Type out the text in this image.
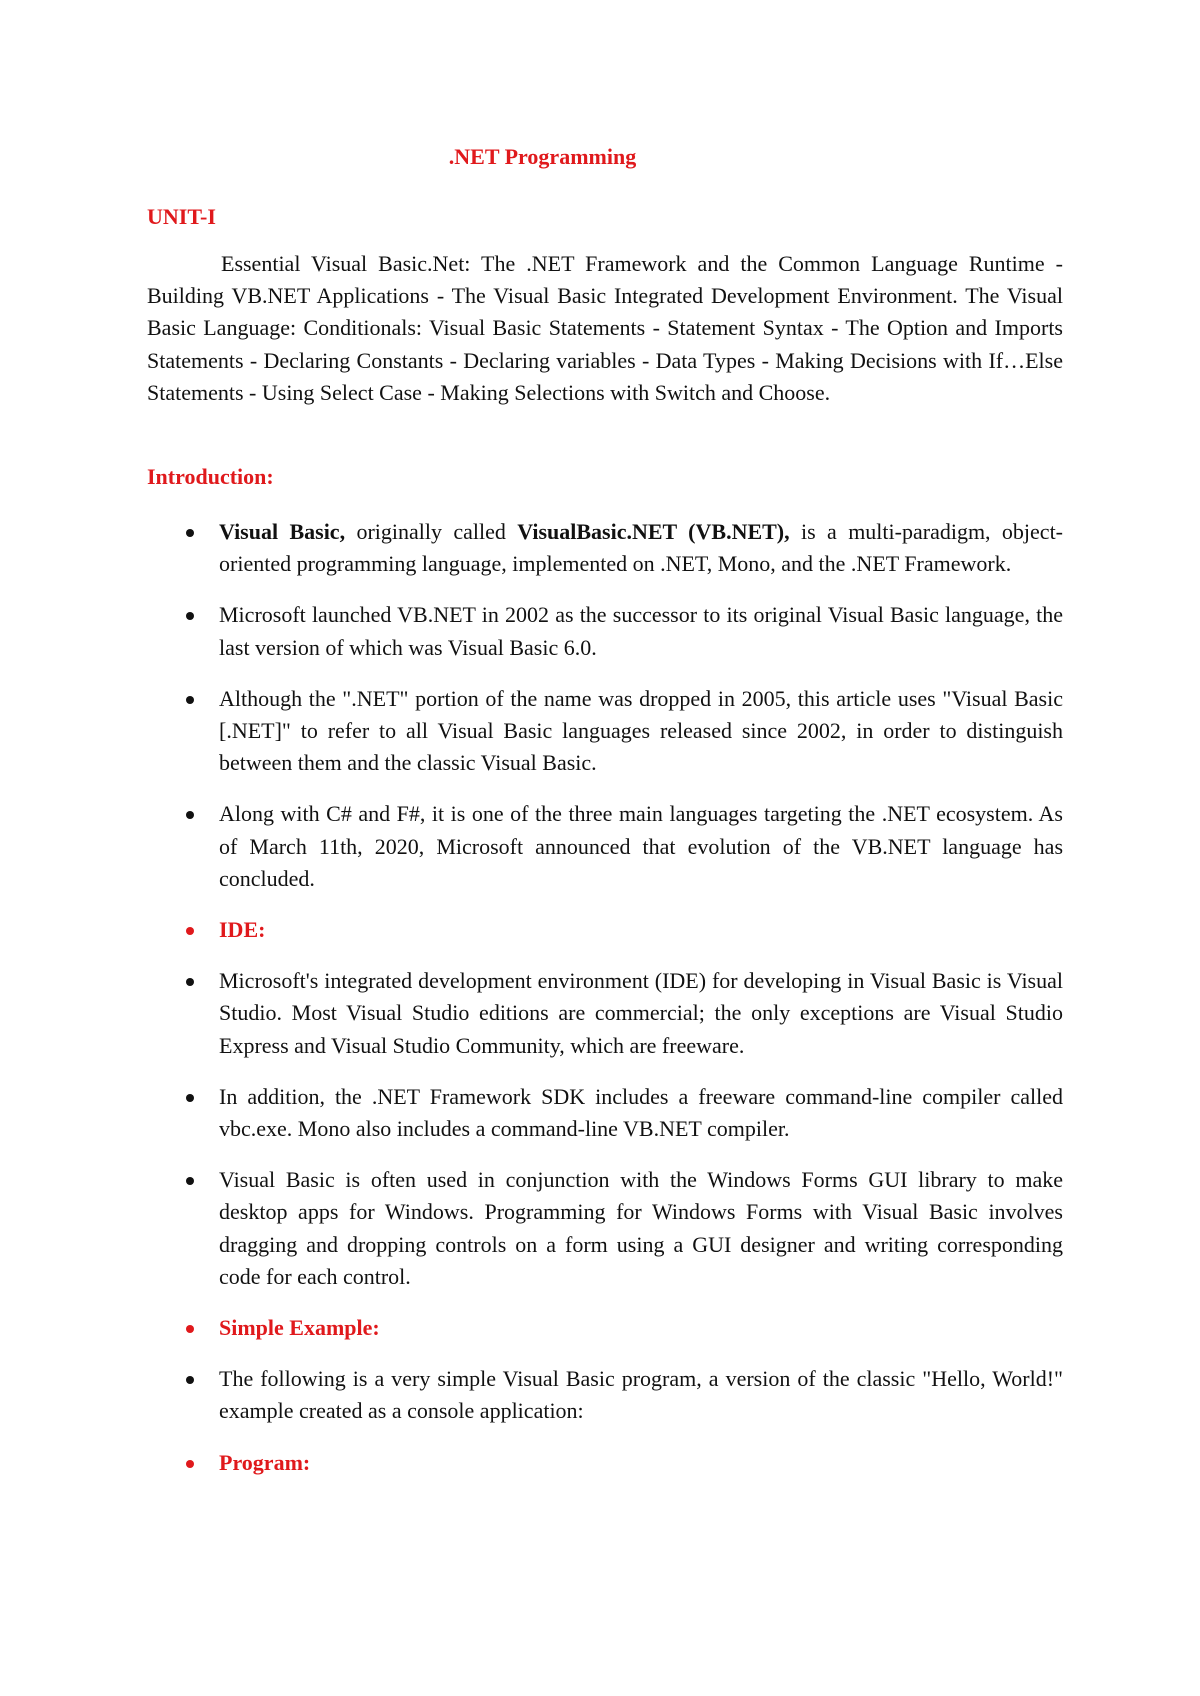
.NET Programming
UNIT-I

Essential Visual Basic.Net: The .NET Framework and the Common Language Runtime - Building VB.NET Applications - The Visual Basic Integrated Development Environment. The Visual Basic Language: Conditionals: Visual Basic Statements - Statement Syntax - The Option and Imports Statements - Declaring Constants - Declaring variables - Data Types - Making Decisions with If…Else Statements - Using Select Case - Making Selections with Switch and Choose.

Introduction:
Visual Basic, originally called VisualBasic.NET (VB.NET), is a multi-paradigm, object-oriented programming language, implemented on .NET, Mono, and the .NET Framework.
Microsoft launched VB.NET in 2002 as the successor to its original Visual Basic language, the last version of which was Visual Basic 6.0.
Although the ".NET" portion of the name was dropped in 2005, this article uses "Visual Basic [.NET]" to refer to all Visual Basic languages released since 2002, in order to distinguish between them and the classic Visual Basic.
Along with C# and F#, it is one of the three main languages targeting the .NET ecosystem. As of March 11th, 2020, Microsoft announced that evolution of the VB.NET language has concluded.
IDE:
Microsoft's integrated development environment (IDE) for developing in Visual Basic is Visual Studio. Most Visual Studio editions are commercial; the only exceptions are Visual Studio Express and Visual Studio Community, which are freeware.
In addition, the .NET Framework SDK includes a freeware command-line compiler called vbc.exe. Mono also includes a command-line VB.NET compiler.
Visual Basic is often used in conjunction with the Windows Forms GUI library to make desktop apps for Windows. Programming for Windows Forms with Visual Basic involves dragging and dropping controls on a form using a GUI designer and writing corresponding code for each control.
Simple Example:
The following is a very simple Visual Basic program, a version of the classic "Hello, World!" example created as a console application:
Program:
